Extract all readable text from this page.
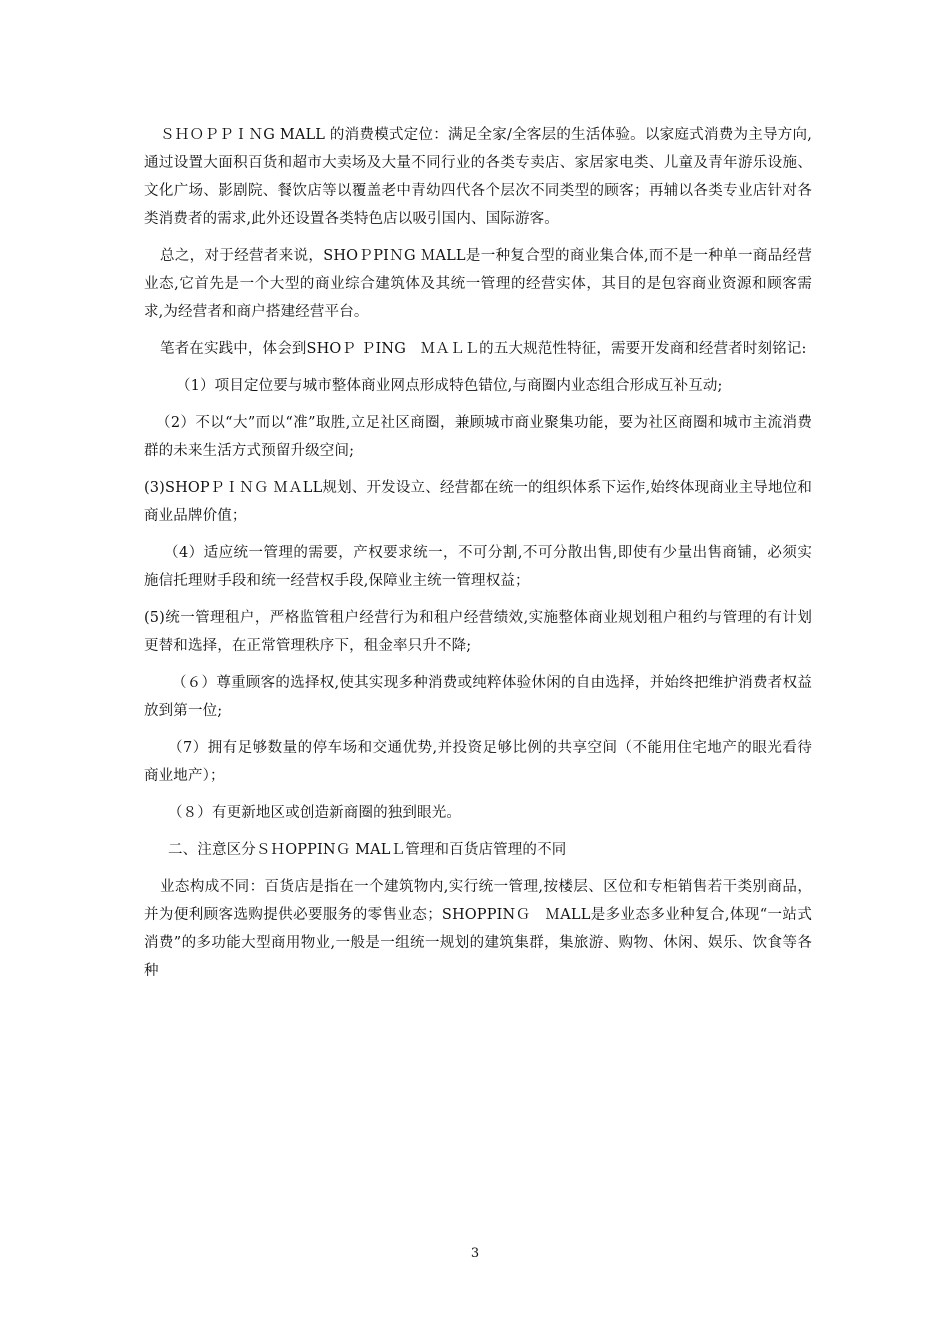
ＳＨＯＰＰＩＮG MALL 的消费模式定位：满足全家/全客层的生活体验。以家庭式消费为主导方向,通过设置大面积百货和超市大卖场及大量不同行业的各类专卖店、家居家电类、儿童及青年游乐设施、文化广场、影剧院、餐饮店等以覆盖老中青幼四代各个层次不同类型的顾客；再辅以各类专业店针对各类消费者的需求,此外还设置各类特色店以吸引国内、国际游客。

总之，对于经营者来说，SHOＰPIＮG ＭALL是一种复合型的商业集合体,而不是一种单一商品经营业态,它首先是一个大型的商业综合建筑体及其统一管理的经营实体，其目的是包容商业资源和顾客需求,为经营者和商户搭建经营平台。

笔者在实践中，体会到SHOＰ ＰING　ＭＡＬＬ的五大规范性特征，需要开发商和经营者时刻铭记:

（1）项目定位要与城市整体商业网点形成特色错位,与商圈内业态组合形成互补互动;

（2）不以“大”而以“准”取胜,立足社区商圈，兼顾城市商业聚集功能，要为社区商圈和城市主流消费群的未来生活方式预留升级空间;

(3)SHOPＰＩＮＧ ＭＡLL规划、开发设立、经营都在统一的组织体系下运作,始终体现商业主导地位和商业品牌价值；

（4）适应统一管理的需要，产权要求统一，不可分割,不可分散出售,即使有少量出售商铺，必须实施信托理财手段和统一经营权手段,保障业主统一管理权益；

(5)统一管理租户，严格监管租户经营行为和租户经营绩效,实施整体商业规划租户租约与管理的有计划更替和选择，在正常管理秩序下，租金率只升不降;

（６）尊重顾客的选择权,使其实现多种消费或纯粹体验休闲的自由选择，并始终把维护消费者权益放到第一位;

（7）拥有足够数量的停车场和交通优势,并投资足够比例的共享空间（不能用住宅地产的眼光看待商业地产）；

（８）有更新地区或创造新商圈的独到眼光。

二、注意区分ＳＨOPPINＧ MALＬ管理和百货店管理的不同

业态构成不同：百货店是指在一个建筑物内,实行统一管理,按楼层、区位和专柜销售若干类别商品，并为便利顾客选购提供必要服务的零售业态；SHOPPINＧ　ＭALL是多业态多业种复合,体现“一站式消费”的多功能大型商用物业,一般是一组统一规划的建筑集群，集旅游、购物、休闲、娱乐、饮食等各种

3
